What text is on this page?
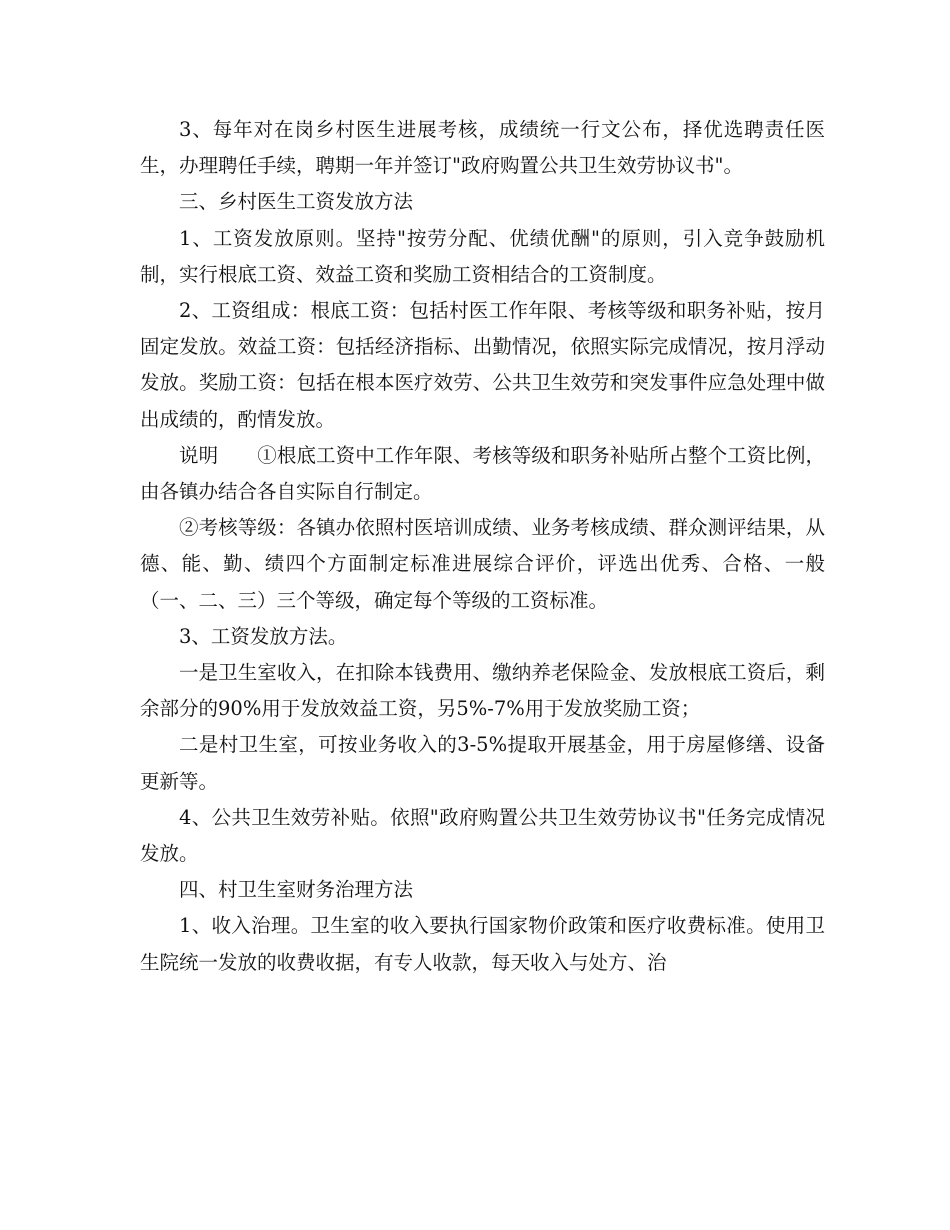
3、每年对在岗乡村医生进展考核，成绩统一行文公布，择优选聘责任医生，办理聘任手续，聘期一年并签订"政府购置公共卫生效劳协议书"。

三、乡村医生工资发放方法

1、工资发放原则。坚持"按劳分配、优绩优酬"的原则，引入竞争鼓励机制，实行根底工资、效益工资和奖励工资相结合的工资制度。

2、工资组成：根底工资：包括村医工作年限、考核等级和职务补贴，按月固定发放。效益工资：包括经济指标、出勤情况，依照实际完成情况，按月浮动发放。奖励工资：包括在根本医疗效劳、公共卫生效劳和突发事件应急处理中做出成绩的，酌情发放。

说明　　①根底工资中工作年限、考核等级和职务补贴所占整个工资比例，由各镇办结合各自实际自行制定。

②考核等级：各镇办依照村医培训成绩、业务考核成绩、群众测评结果，从德、能、勤、绩四个方面制定标准进展综合评价，评选出优秀、合格、一般（一、二、三）三个等级，确定每个等级的工资标准。

3、工资发放方法。

一是卫生室收入，在扣除本钱费用、缴纳养老保险金、发放根底工资后，剩余部分的90%用于发放效益工资，另5%-7%用于发放奖励工资；

二是村卫生室，可按业务收入的3-5%提取开展基金，用于房屋修缮、设备更新等。

4、公共卫生效劳补贴。依照"政府购置公共卫生效劳协议书"任务完成情况发放。

四、村卫生室财务治理方法

1、收入治理。卫生室的收入要执行国家物价政策和医疗收费标准。使用卫生院统一发放的收费收据，有专人收款，每天收入与处方、治
